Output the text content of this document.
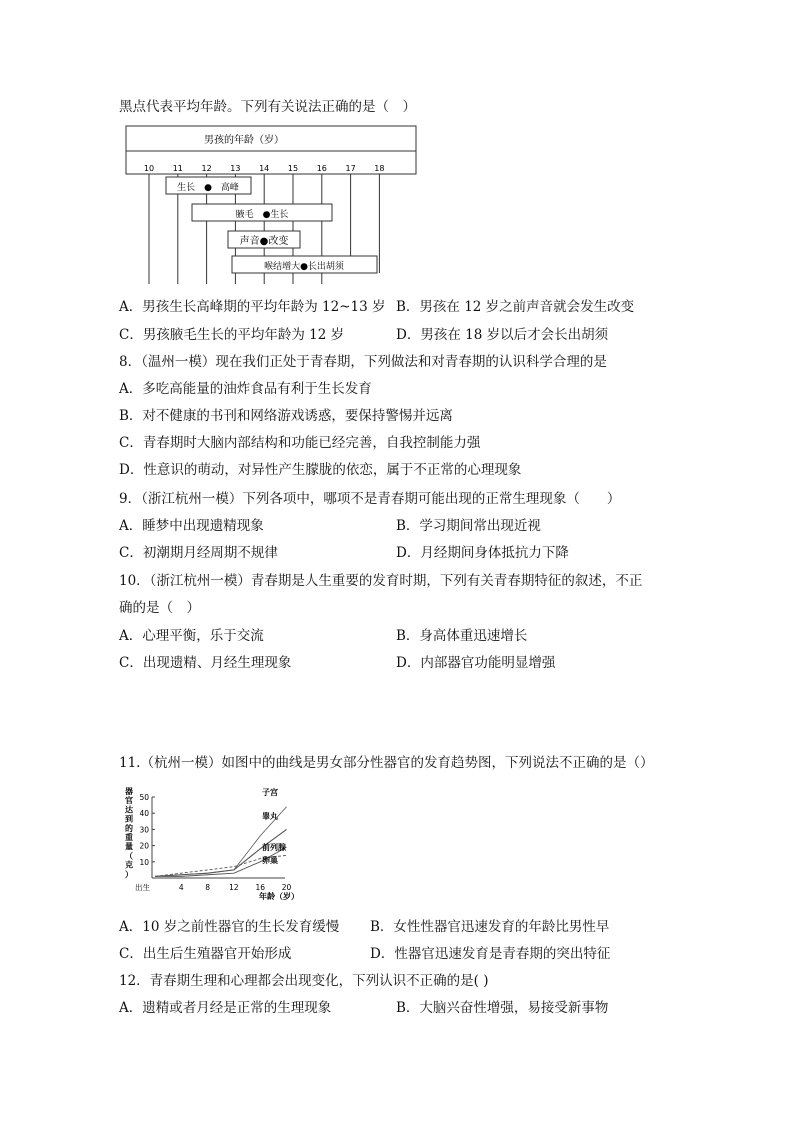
黑点代表平均年龄。下列有关说法正确的是（　）
男孩的年龄（岁）
10 11 12 13 14 15 16 17 18
生长　●　高峰
腋毛　●生长
声音●改变
喉结增大●长出胡须
A．男孩生长高峰期的平均年龄为 12~13 岁 B．男孩在 12 岁之前声音就会发生改变
C．男孩腋毛生长的平均年龄为 12 岁	D．男孩在 18 岁以后才会长出胡须
8．（温州一模）现在我们正处于青春期，下列做法和对青春期的认识科学合理的是
A．多吃高能量的油炸食品有利于生长发育
B．对不健康的书刊和网络游戏诱惑，要保持警惕并远离
C．青春期时大脑内部结构和功能已经完善，自我控制能力强
D．性意识的萌动，对异性产生朦胧的依恋，属于不正常的心理现象
9．（浙江杭州一模）下列各项中，哪项不是青春期可能出现的正常生理现象（　　）
A．睡梦中出现遗精现象	B．学习期间常出现近视
C．初潮期月经周期不规律	D．月经期间身体抵抗力下降
10．（浙江杭州一模）青春期是人生重要的发育时期，下列有关青春期特征的叙述，不正
确的是（　）
A．心理平衡，乐于交流	B．身高体重迅速增长
C．出现遗精、月经生理现象	D．内部器官功能明显增强
11.（杭州一模）如图中的曲线是男女部分性器官的发育趋势图，下列说法不正确的是（）
器
官
达
到
的
重
量
（
克
）
10
20
30
40
50
出生	4	8	12 16 20
子宫
睾丸
前列腺
卵巢
年龄（岁）
A．10 岁之前性器官的生长发育缓慢 B．女性性器官迅速发育的年龄比男性早
C．出生后生殖器官开始形成	D．性器官迅速发育是青春期的突出特征
12．青春期生理和心理都会出现变化，下列认识不正确的是( )
A．遗精或者月经是正常的生理现象	B．大脑兴奋性增强，易接受新事物
